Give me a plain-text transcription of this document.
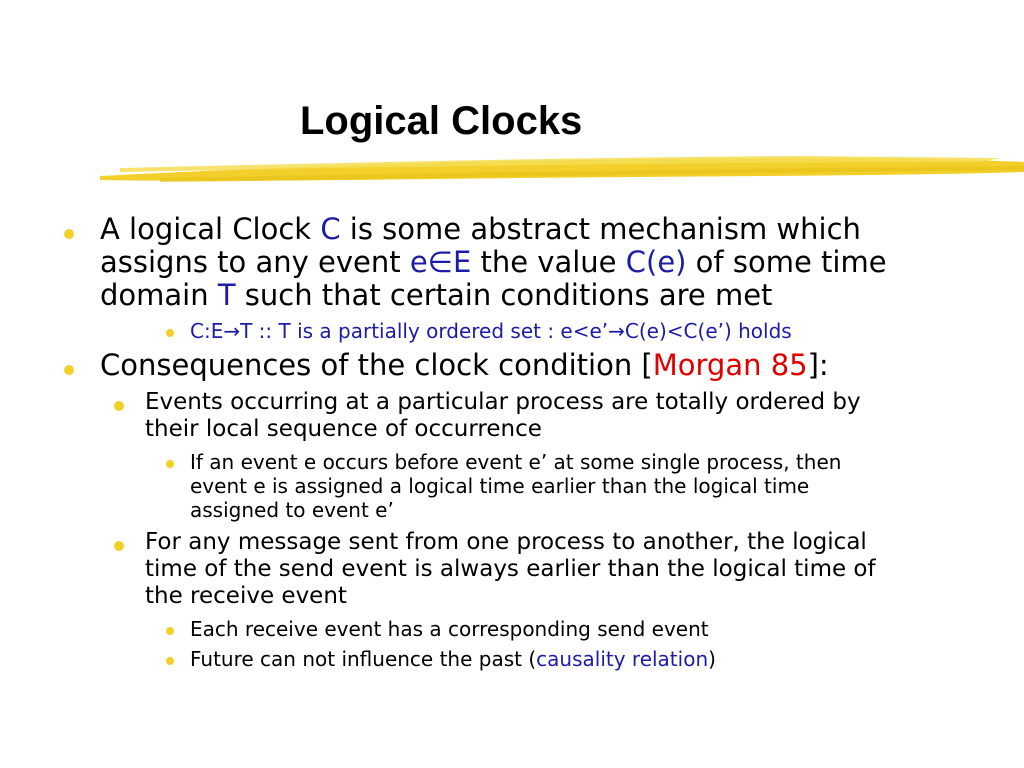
Logical Clocks
A logical Clock C is some abstract mechanism which
assigns to any event e∈E the value C(e) of some time
domain T such that certain conditions are met
C:E→T :: T is a partially ordered set : e<e’→C(e)<C(e’) holds
Consequences of the clock condition [Morgan 85]:
Events occurring at a particular process are totally ordered by
their local sequence of occurrence
If an event e occurs before event e’ at some single process, then
event e is assigned a logical time earlier than the logical time
assigned to event e’
For any message sent from one process to another, the logical
time of the send event is always earlier than the logical time of
the receive event
Each receive event has a corresponding send event
Future can not influence the past (causality relation)
